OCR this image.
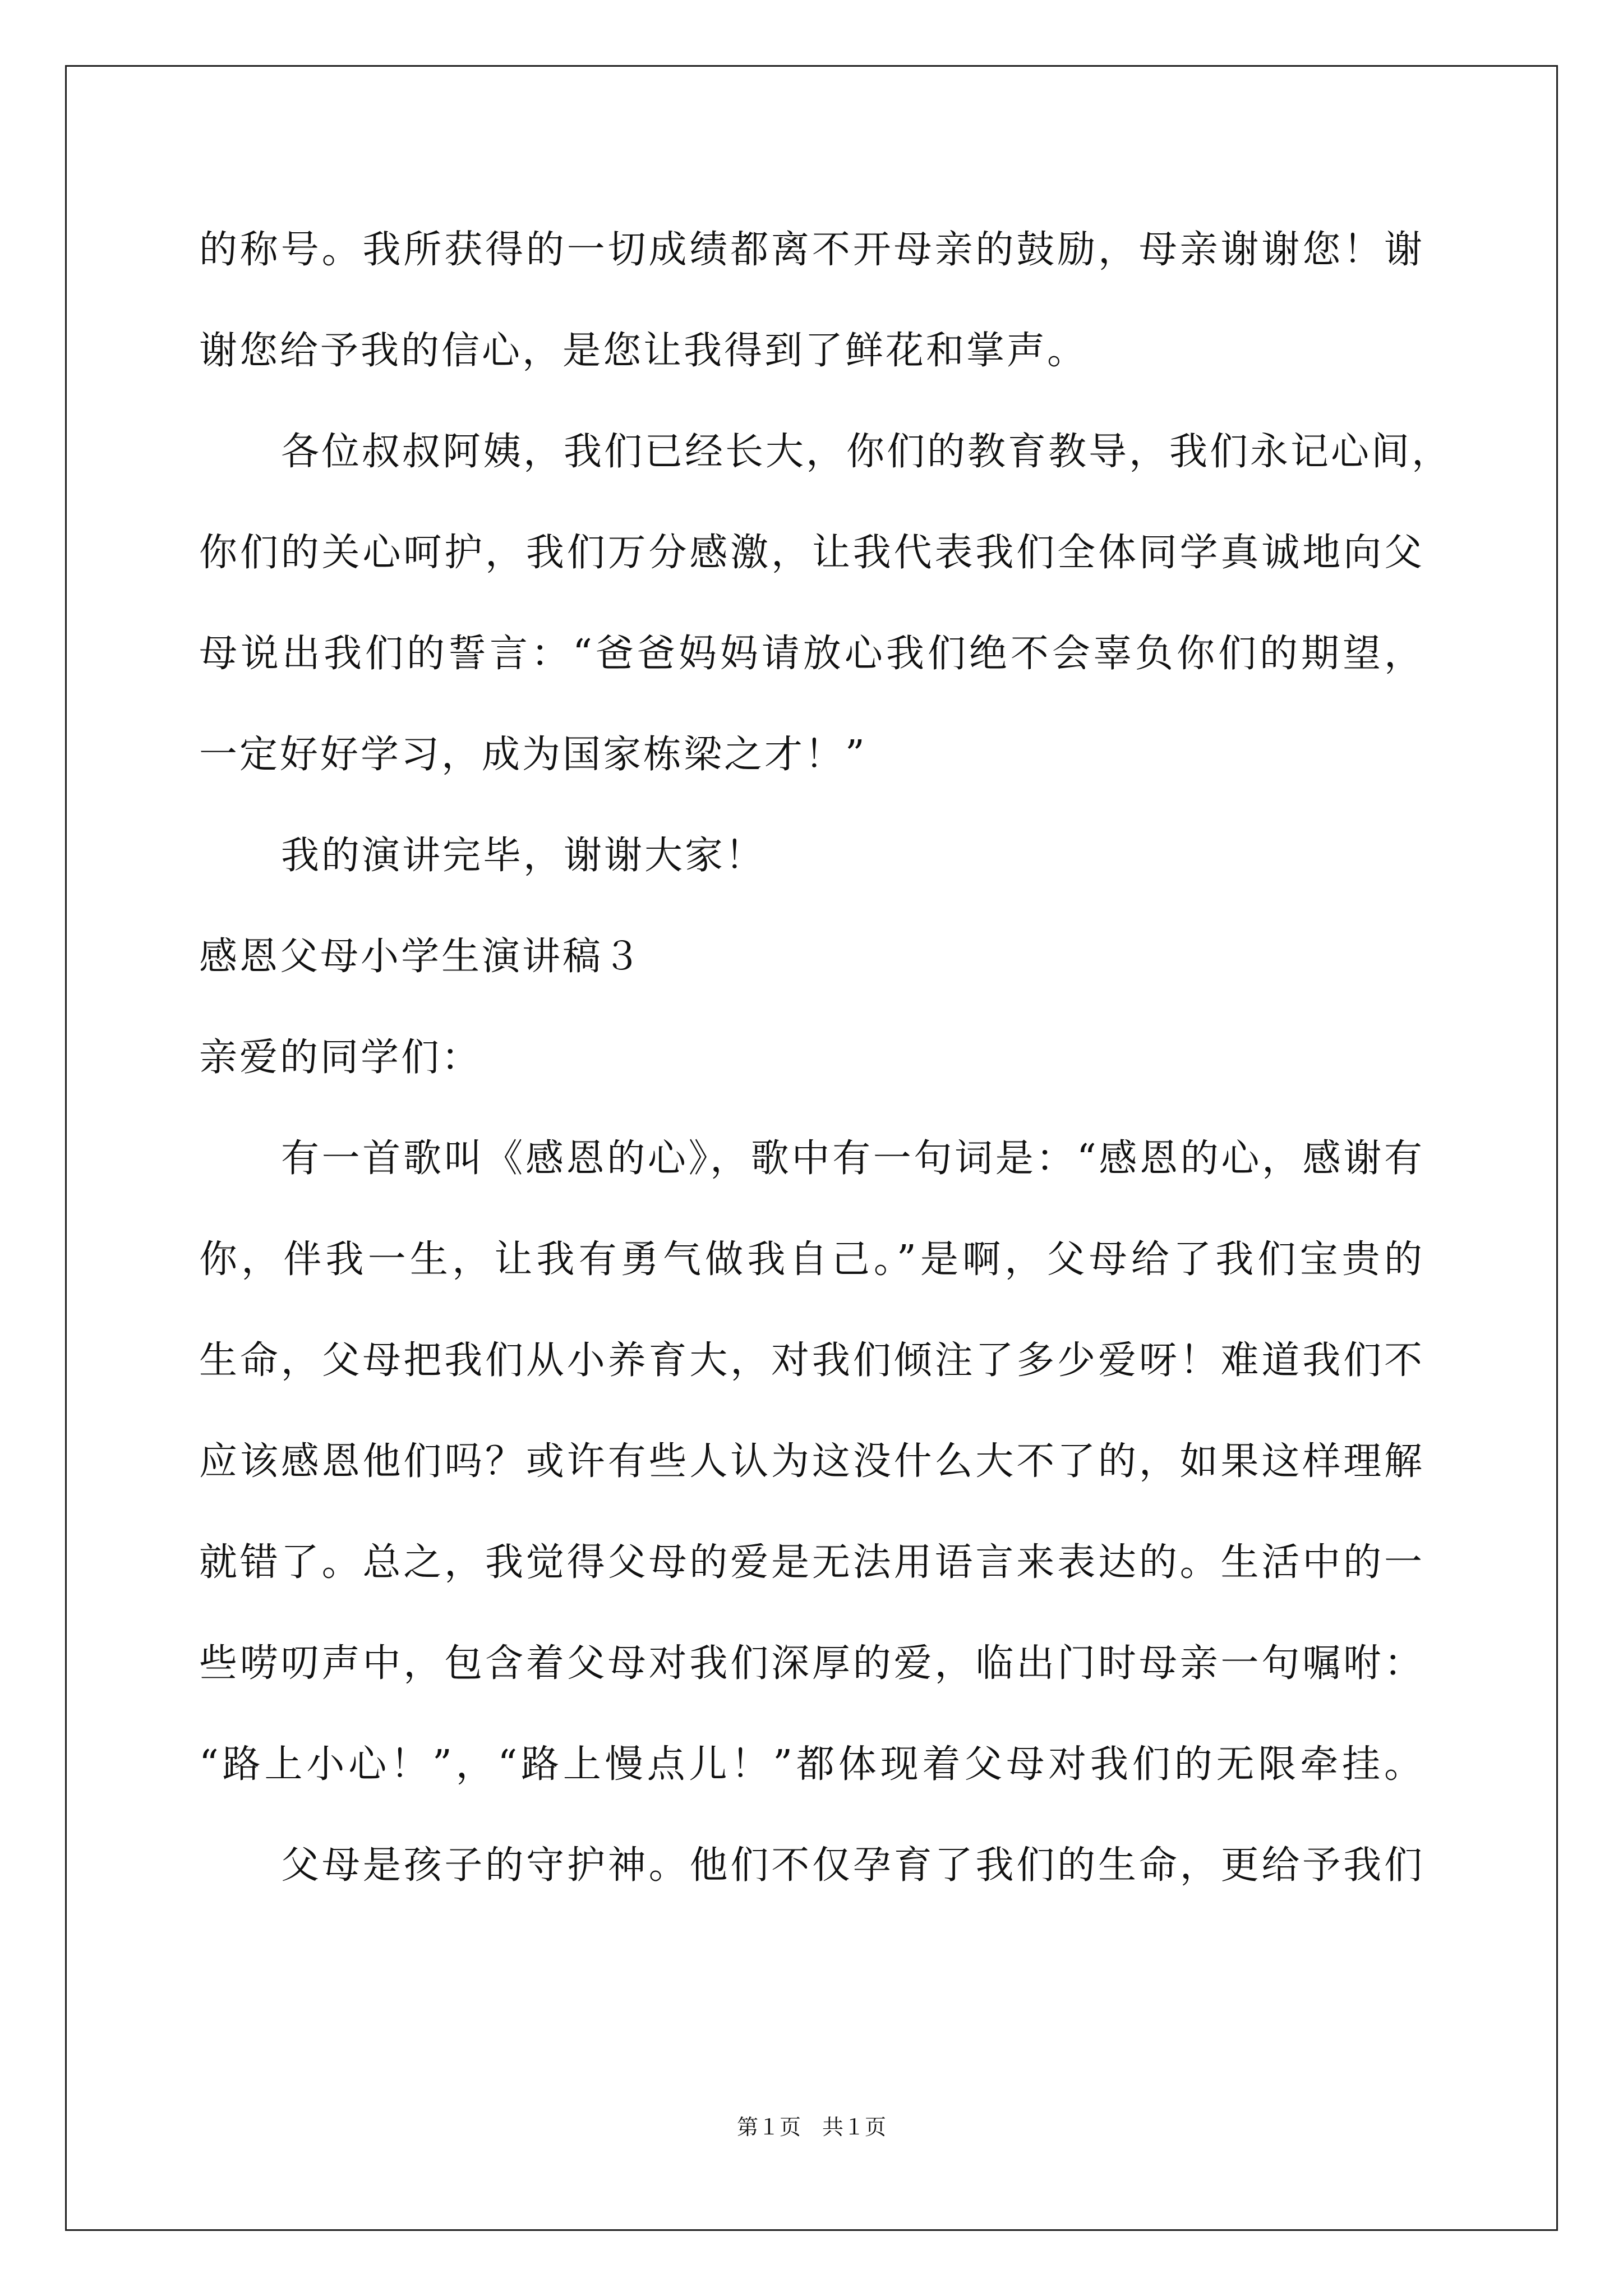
的称号。我所获得的一切成绩都离不开母亲的鼓励，母亲谢谢您！谢
谢您给予我的信心，是您让我得到了鲜花和掌声。
各位叔叔阿姨，我们已经长大，你们的教育教导，我们永记心间，
你们的关心呵护，我们万分感激，让我代表我们全体同学真诚地向父
母说出我们的誓言：“爸爸妈妈请放心我们绝不会辜负你们的期望，
一定好好学习，成为国家栋梁之才！”
我的演讲完毕，谢谢大家！
感恩父母小学生演讲稿３
亲爱的同学们：
有一首歌叫《感恩的心》，歌中有一句词是：“感恩的心，感谢有
你，伴我一生，让我有勇气做我自己。”是啊，父母给了我们宝贵的
生命，父母把我们从小养育大，对我们倾注了多少爱呀！难道我们不
应该感恩他们吗？或许有些人认为这没什么大不了的，如果这样理解
就错了。总之，我觉得父母的爱是无法用语言来表达的。生活中的一
些唠叨声中，包含着父母对我们深厚的爱，临出门时母亲一句嘱咐：
“路上小心！”，“路上慢点儿！”都体现着父母对我们的无限牵挂。
父母是孩子的守护神。他们不仅孕育了我们的生命，更给予我们
第１页　共１页
